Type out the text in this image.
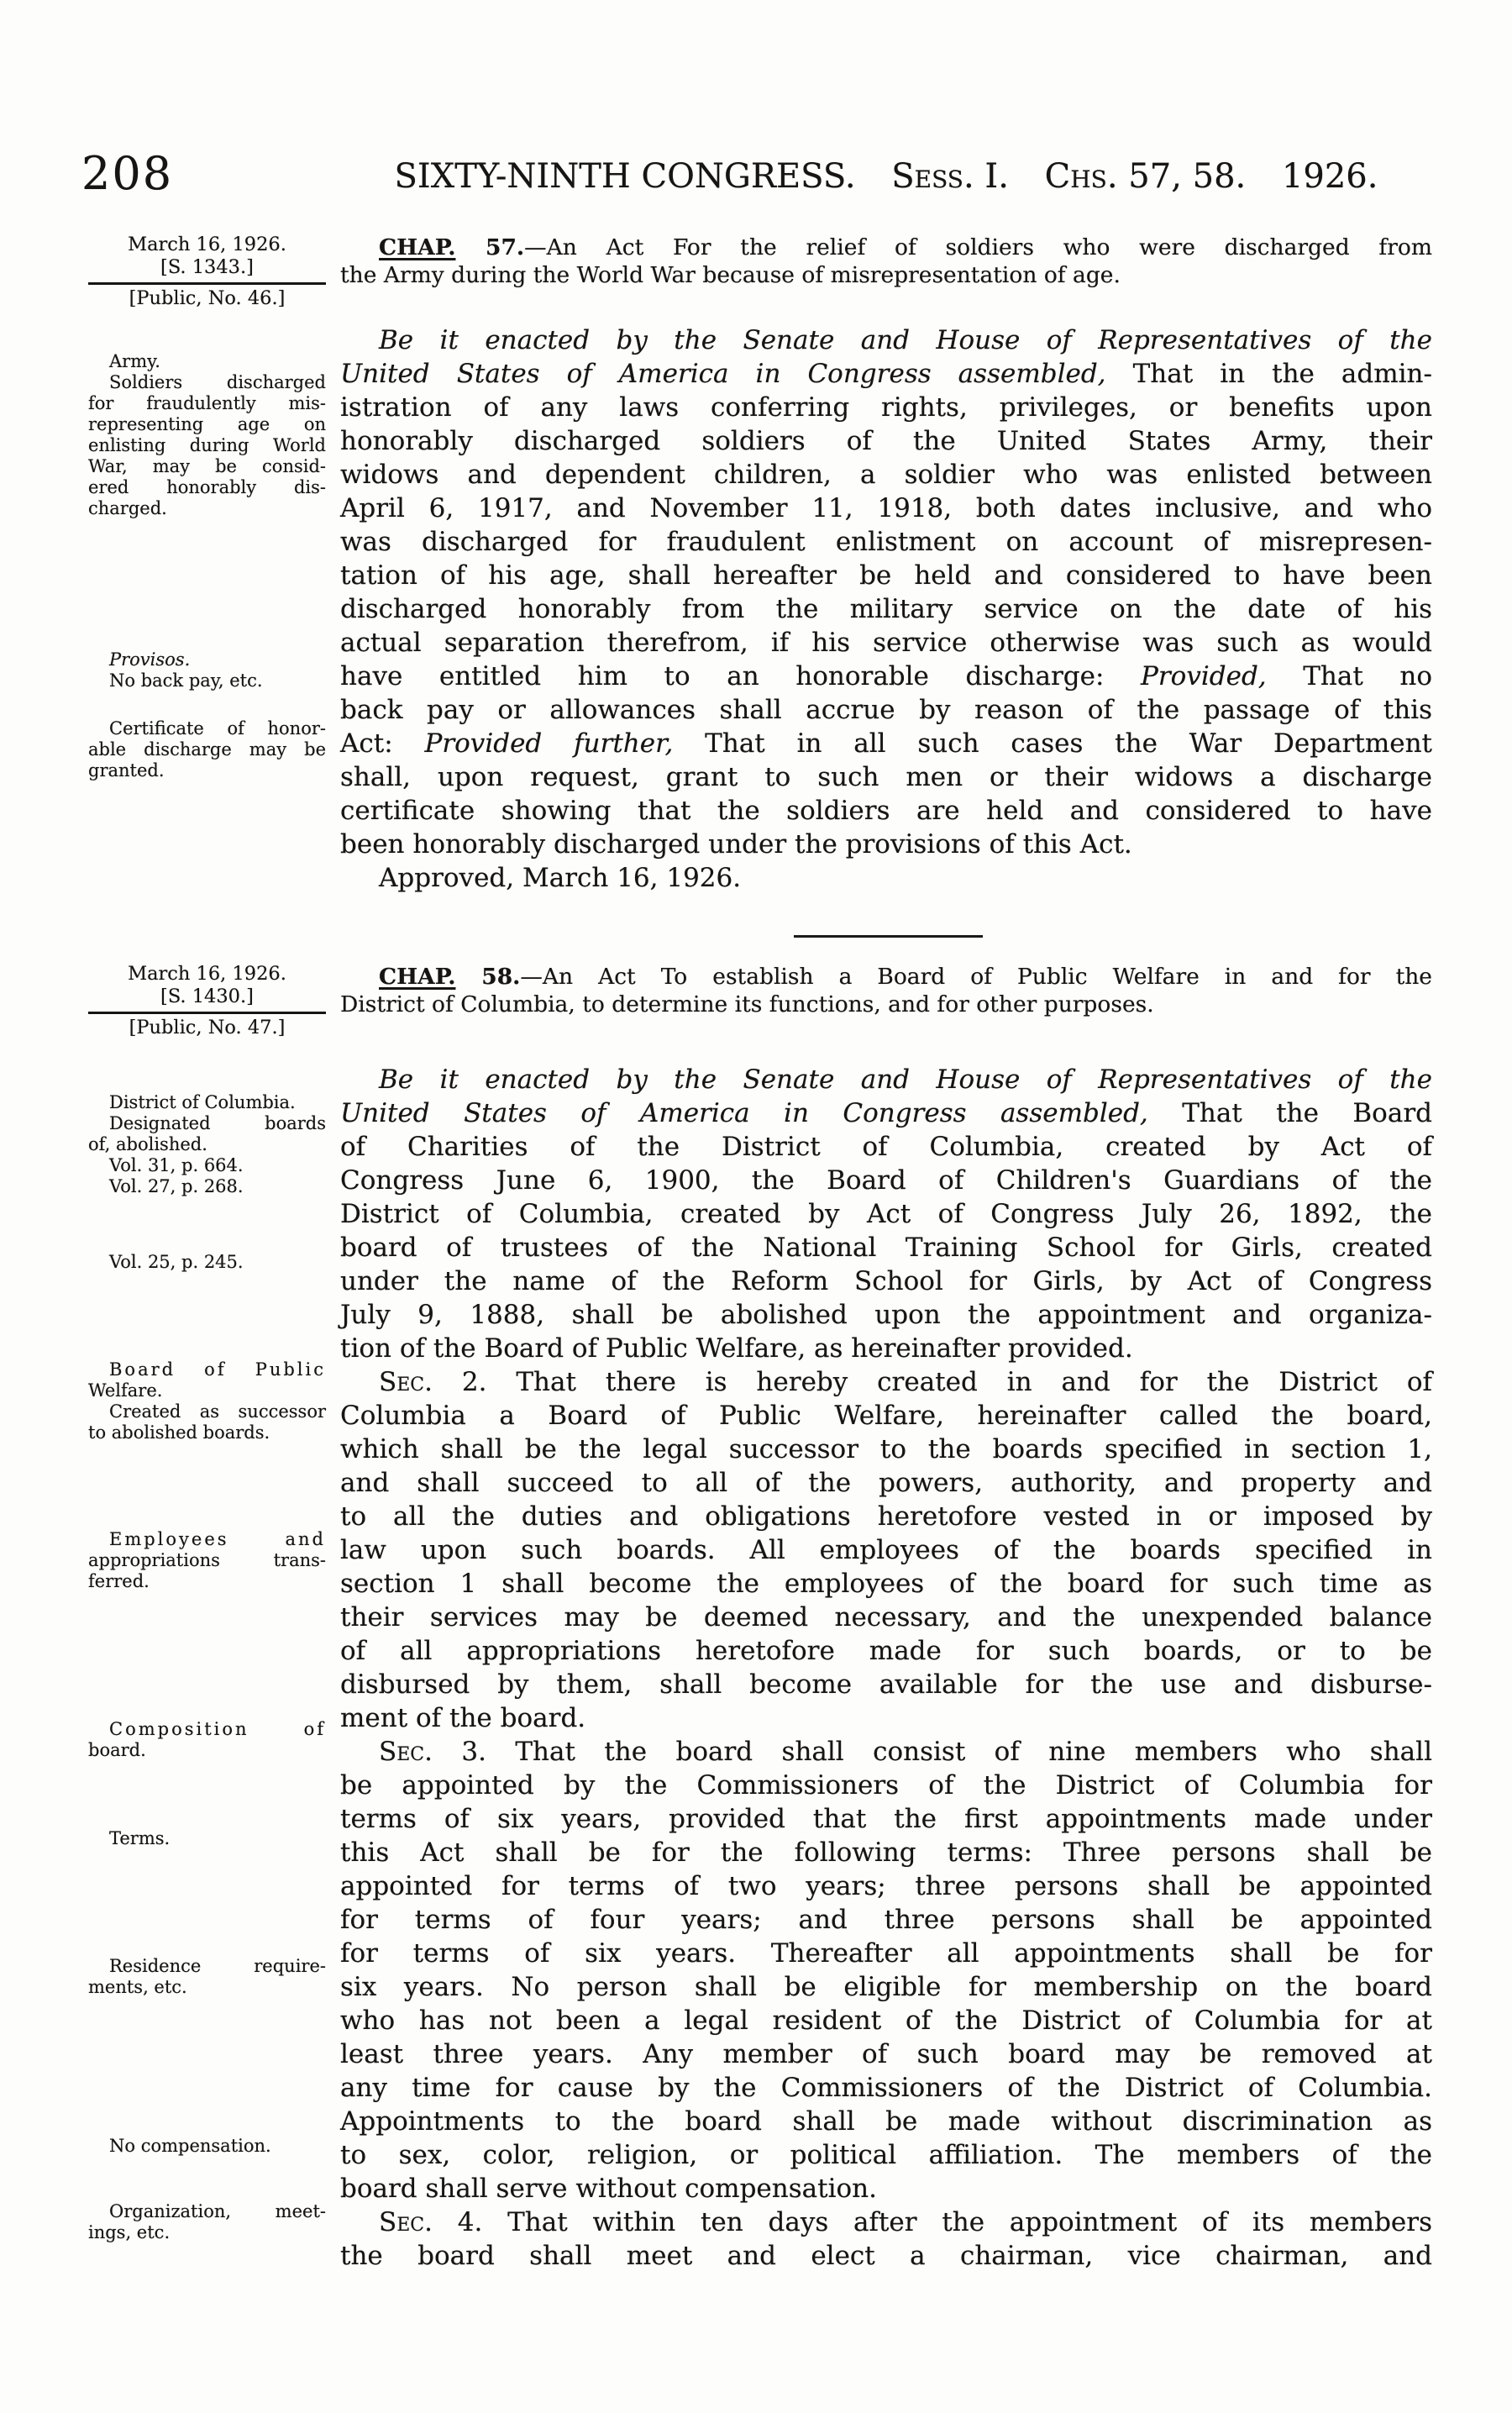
208	SIXTY-NINTH CONGRESS. Sess. I. Chs. 57, 58. 1926.
March 16, 1926.
[S. 1343.]
[Public, No. 46.]
CHAP. 57.—An Act For the relief of soldiers who were discharged from
the Army during the World War because of misrepresentation of age.
Be it enacted by the Senate and House of Representatives of the
United States of America in Congress assembled, That in the admin-
istration of any laws conferring rights, privileges, or benefits upon
honorably discharged soldiers of the United States Army, their
widows and dependent children, a soldier who was enlisted between
April 6, 1917, and November 11, 1918, both dates inclusive, and who
was discharged for fraudulent enlistment on account of misrepresen-
tation of his age, shall hereafter be held and considered to have been
discharged honorably from the military service on the date of his
actual separation therefrom, if his service otherwise was such as would
have entitled him to an honorable discharge: Provided, That no
back pay or allowances shall accrue by reason of the passage of this
Act: Provided further, That in all such cases the War Department
shall, upon request, grant to such men or their widows a discharge
certificate showing that the soldiers are held and considered to have
been honorably discharged under the provisions of this Act.
Approved, March 16, 1926.
Army.
Soldiers discharged
for fraudulently mis-
representing age on
enlisting during World
War, may be consid-
ered honorably dis-
charged.
Provisos.
No back pay, etc.
Certificate of honor-
able discharge may be
granted.
March 16, 1926.
[S. 1430.]
[Public, No. 47.]
CHAP. 58.—An Act To establish a Board of Public Welfare in and for the
District of Columbia, to determine its functions, and for other purposes.
Be it enacted by the Senate and House of Representatives of the
United States of America in Congress assembled, That the Board
of Charities of the District of Columbia, created by Act of
Congress June 6, 1900, the Board of Children's Guardians of the
District of Columbia, created by Act of Congress July 26, 1892, the
board of trustees of the National Training School for Girls, created
under the name of the Reform School for Girls, by Act of Congress
July 9, 1888, shall be abolished upon the appointment and organiza-
tion of the Board of Public Welfare, as hereinafter provided.
Sec. 2. That there is hereby created in and for the District of
Columbia a Board of Public Welfare, hereinafter called the board,
which shall be the legal successor to the boards specified in section 1,
and shall succeed to all of the powers, authority, and property and
to all the duties and obligations heretofore vested in or imposed by
law upon such boards. All employees of the boards specified in
section 1 shall become the employees of the board for such time as
their services may be deemed necessary, and the unexpended balance
of all appropriations heretofore made for such boards, or to be
disbursed by them, shall become available for the use and disburse-
ment of the board.
Sec. 3. That the board shall consist of nine members who shall
be appointed by the Commissioners of the District of Columbia for
terms of six years, provided that the first appointments made under
this Act shall be for the following terms: Three persons shall be
appointed for terms of two years; three persons shall be appointed
for terms of four years; and three persons shall be appointed
for terms of six years. Thereafter all appointments shall be for
six years. No person shall be eligible for membership on the board
who has not been a legal resident of the District of Columbia for at
least three years. Any member of such board may be removed at
any time for cause by the Commissioners of the District of Columbia.
Appointments to the board shall be made without discrimination as
to sex, color, religion, or political affiliation. The members of the
board shall serve without compensation.
Sec. 4. That within ten days after the appointment of its members
the board shall meet and elect a chairman, vice chairman, and
District of Columbia.
Designated boards
of, abolished.
Vol. 31, p. 664.
Vol. 27, p. 268.
Vol. 25, p. 245.
Board of Public
Welfare.
Created as successor
to abolished boards.
Employees and
appropriations trans-
ferred.
Composition of
board.
Terms.
Residence require-
ments, etc.
No compensation.
Organization, meet-
ings, etc.
